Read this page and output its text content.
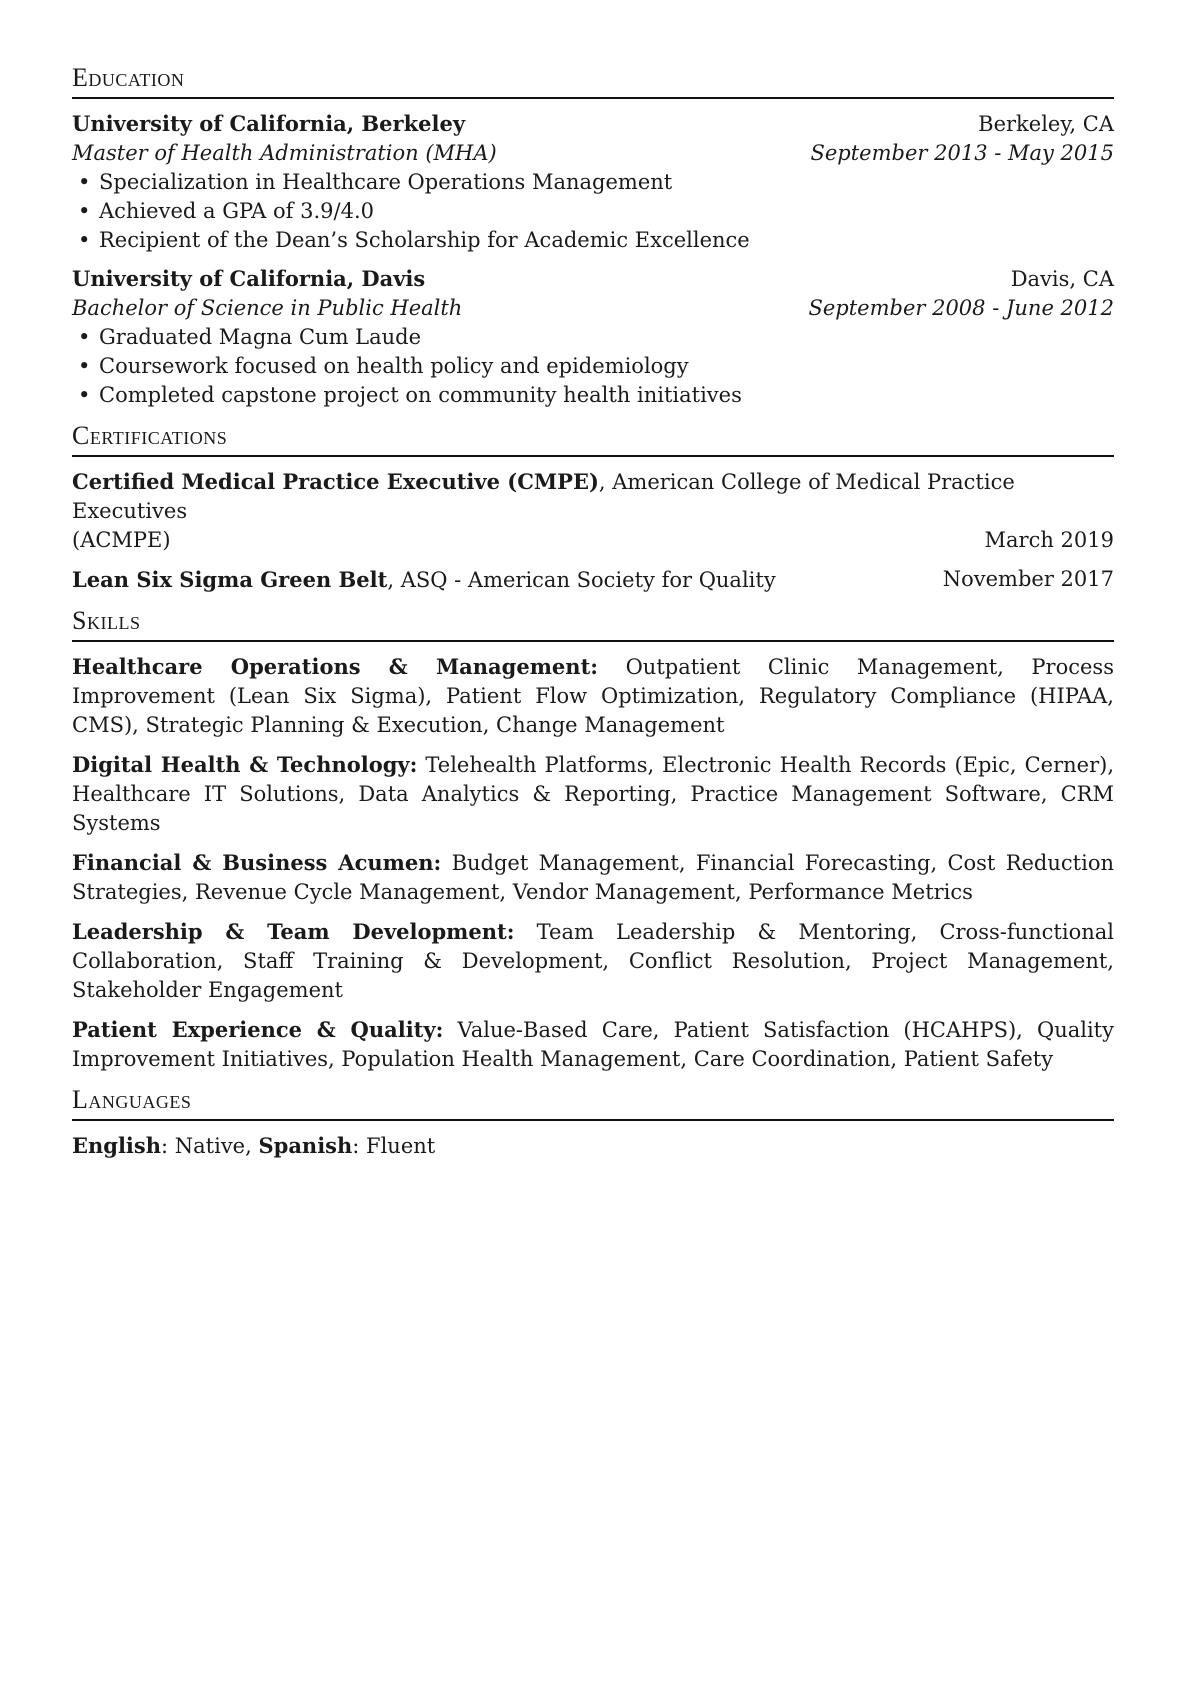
Education
University of California, Berkeley	Berkeley, CA
Master of Health Administration (MHA)	September 2013 - May 2015
• Specialization in Healthcare Operations Management
• Achieved a GPA of 3.9/4.0
• Recipient of the Dean’s Scholarship for Academic Excellence
University of California, Davis	Davis, CA
Bachelor of Science in Public Health	September 2008 - June 2012
• Graduated Magna Cum Laude
• Coursework focused on health policy and epidemiology
• Completed capstone project on community health initiatives
Certifications
Certified Medical Practice Executive (CMPE), American College of Medical Practice Executives
(ACMPE)	March 2019
Lean Six Sigma Green Belt, ASQ - American Society for Quality	November 2017
Skills
Healthcare Operations & Management: Outpatient Clinic Management, Process Improvement (Lean Six Sigma), Patient Flow Optimization, Regulatory Compliance (HIPAA, CMS), Strategic Planning & Execution, Change Management
Digital Health & Technology: Telehealth Platforms, Electronic Health Records (Epic, Cerner), Healthcare IT Solutions, Data Analytics & Reporting, Practice Management Software, CRM Systems
Financial & Business Acumen: Budget Management, Financial Forecasting, Cost Reduction Strategies, Revenue Cycle Management, Vendor Management, Performance Metrics
Leadership & Team Development: Team Leadership & Mentoring, Cross-functional Collaboration, Staff Training & Development, Conflict Resolution, Project Management, Stakeholder Engagement
Patient Experience & Quality: Value-Based Care, Patient Satisfaction (HCAHPS), Quality Improvement Initiatives, Population Health Management, Care Coordination, Patient Safety
Languages
English: Native, Spanish: Fluent
